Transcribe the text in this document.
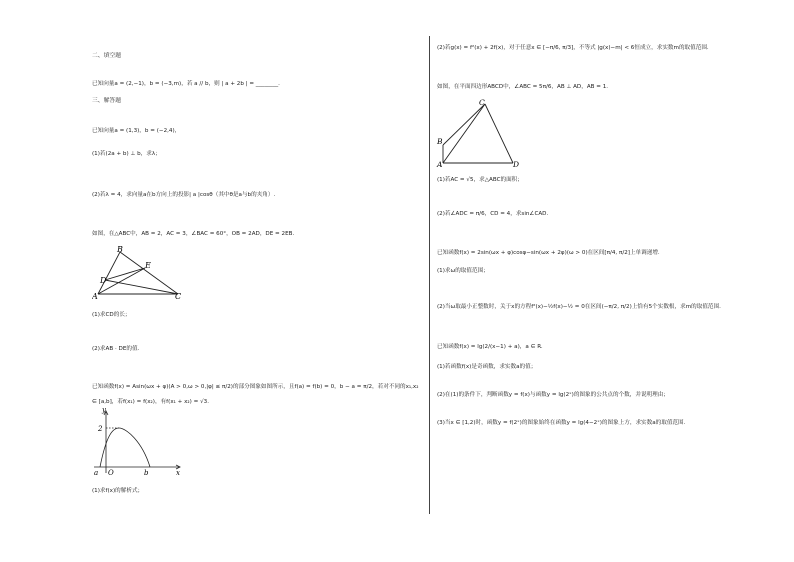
二、填空题
已知向量a = (2,−1)，b = (−3,m)，若 a // b，则 | a + 2b | = ________.
三、解答题
已知向量a = (1,3)，b = (−2,4)，
(1)若(2a + b) ⊥ b，求λ；
(2)若λ = 4，求向量a在b方向上的投影| a |cosθ（其中θ是a与b的夹角）.
如图，在△ABC中，AB = 2，AC = 3，∠BAC = 60°，OB = 2AD，DE = 2EB.
B
E
D
A	C
(1)求CD的长；
(2)求AB · DE的值.
已知函数f(x) = Asin(ωx + φ)(A > 0,ω > 0,|φ| ≤ π/2)的部分图象如图所示，且f(a) = f(b) = 0，b − a = π/2，若对不同的x₁,x₂
∈ [a,b]，若f(x₁) = f(x₂)，有f(x₁ + x₂) = √3.
y
2
a O	b	x
(1)求f(x)的解析式；
(2)若g(x) = f²(x) + 2f(x)，对于任意x ∈ [−π/6, π/3]，不等式 |g(x)−m| < 6恒成立，求实数m的取值范围.
如图，在平面四边形ABCD中，∠ABC = 5π/6，AB ⊥ AD，AB = 1.
C
B
A	D
(1)若AC = √5，求△ABC的面积；
(2)若∠ADC = π/6，CD = 4，求sin∠CAD.
已知函数f(x) = 2sin(ωx + φ)cosφ−sin(ωx + 2φ)(ω > 0)在区间[π/4, π/2]上单调递增.
(1)求ω的取值范围；
(2)当ω取最小正整数时，关于x的方程f²(x)−½f(x)−½ = 0在区间(−π/2, π/2)上恰有5个实数根，求m的取值范围.
已知函数f(x) = lg(2/(x−1) + a)，a ∈ R.
(1)若函数f(x)是奇函数，求实数a的值；
(2)在(1)的条件下，判断函数y = f(x)与函数y = lg(2ˣ)的图象的公共点的个数，并说明理由；
(3)当x ∈ [1,2)时，函数y = f(2ˣ)的图象始终在函数y = lg(4−2ˣ)的图象上方，求实数a的取值范围.
